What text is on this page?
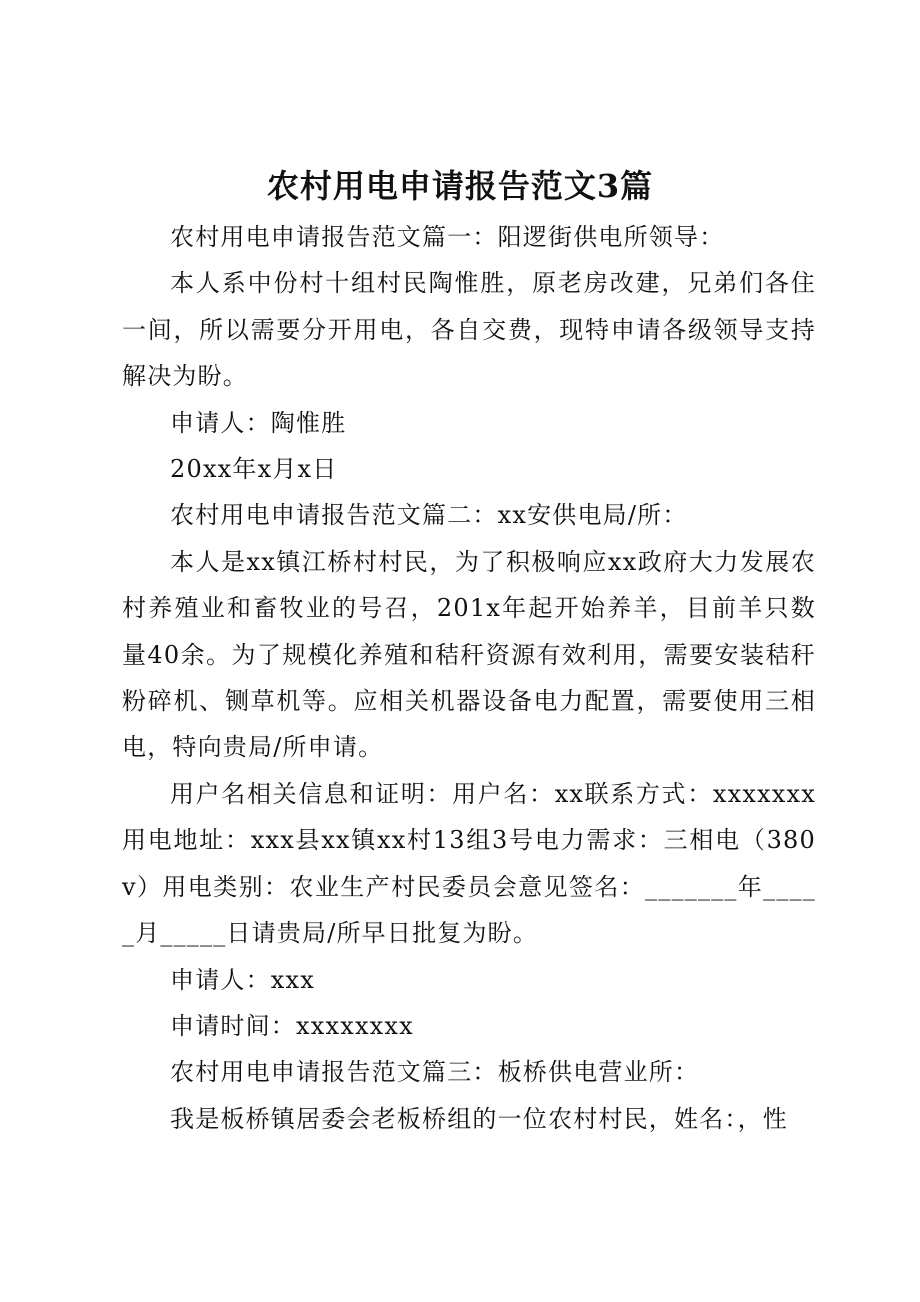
农村用电申请报告范文3篇

农村用电申请报告范文篇一：阳逻街供电所领导：

本人系中份村十组村民陶惟胜，原老房改建，兄弟们各住一间，所以需要分开用电，各自交费，现特申请各级领导支持解决为盼。

申请人：陶惟胜

20xx年x月x日

农村用电申请报告范文篇二：xx安供电局/所：

本人是xx镇江桥村村民，为了积极响应xx政府大力发展农村养殖业和畜牧业的号召，201x年起开始养羊，目前羊只数量40余。为了规模化养殖和秸秆资源有效利用，需要安装秸秆粉碎机、铡草机等。应相关机器设备电力配置，需要使用三相电，特向贵局/所申请。

用户名相关信息和证明：用户名：xx联系方式：xxxxxxx用电地址：xxx县xx镇xx村13组3号电力需求：三相电（380v）用电类别：农业生产村民委员会意见签名：_______年_____月_____日请贵局/所早日批复为盼。

申请人：xxx

申请时间：xxxxxxxx

农村用电申请报告范文篇三：板桥供电营业所：

我是板桥镇居委会老板桥组的一位农村村民，姓名：，性
